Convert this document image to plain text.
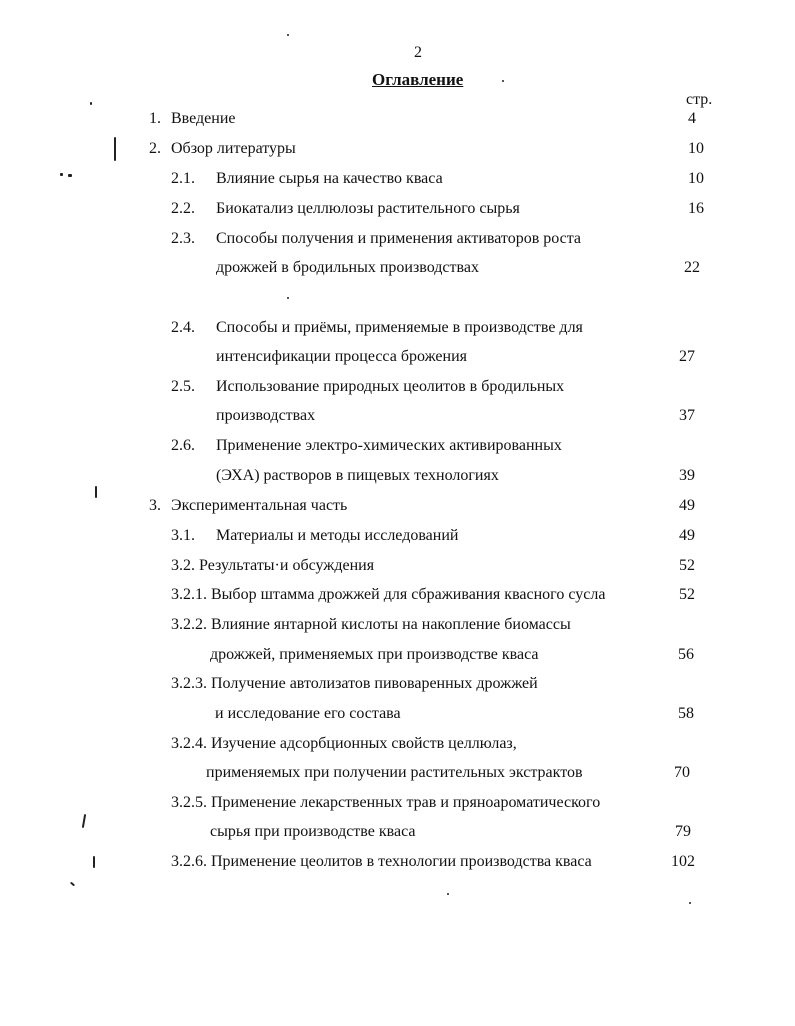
2
Оглавление
стр.
1. Введение	4
2. Обзор литературы	10
2.1. Влияние сырья на качество кваса	10
2.2. Биокатализ целлюлозы растительного сырья	16
2.3. Способы получения и применения активаторов роста
дрожжей в бродильных производствах	22
2.4. Способы и приёмы, применяемые в производстве для
интенсификации процесса брожения	27
2.5. Использование природных цеолитов в бродильных
производствах	37
2.6. Применение электро-химических активированных
(ЭХА) растворов в пищевых технологиях	39
3. Экспериментальная часть	49
3.1. Материалы и методы исследований	49
3.2. Результаты·и обсуждения	52
3.2.1. Выбор штамма дрожжей для сбраживания квасного сусла	52
3.2.2. Влияние янтарной кислоты на накопление биомассы
дрожжей, применяемых при производстве кваса	56
3.2.3. Получение автолизатов пивоваренных дрожжей
и исследование его состава	58
3.2.4. Изучение адсорбционных свойств целлюлаз,
применяемых при получении растительных экстрактов	70
3.2.5. Применение лекарственных трав и пряноароматического
сырья при производстве кваса	79
3.2.6. Применение цеолитов в технологии производства кваса	102
